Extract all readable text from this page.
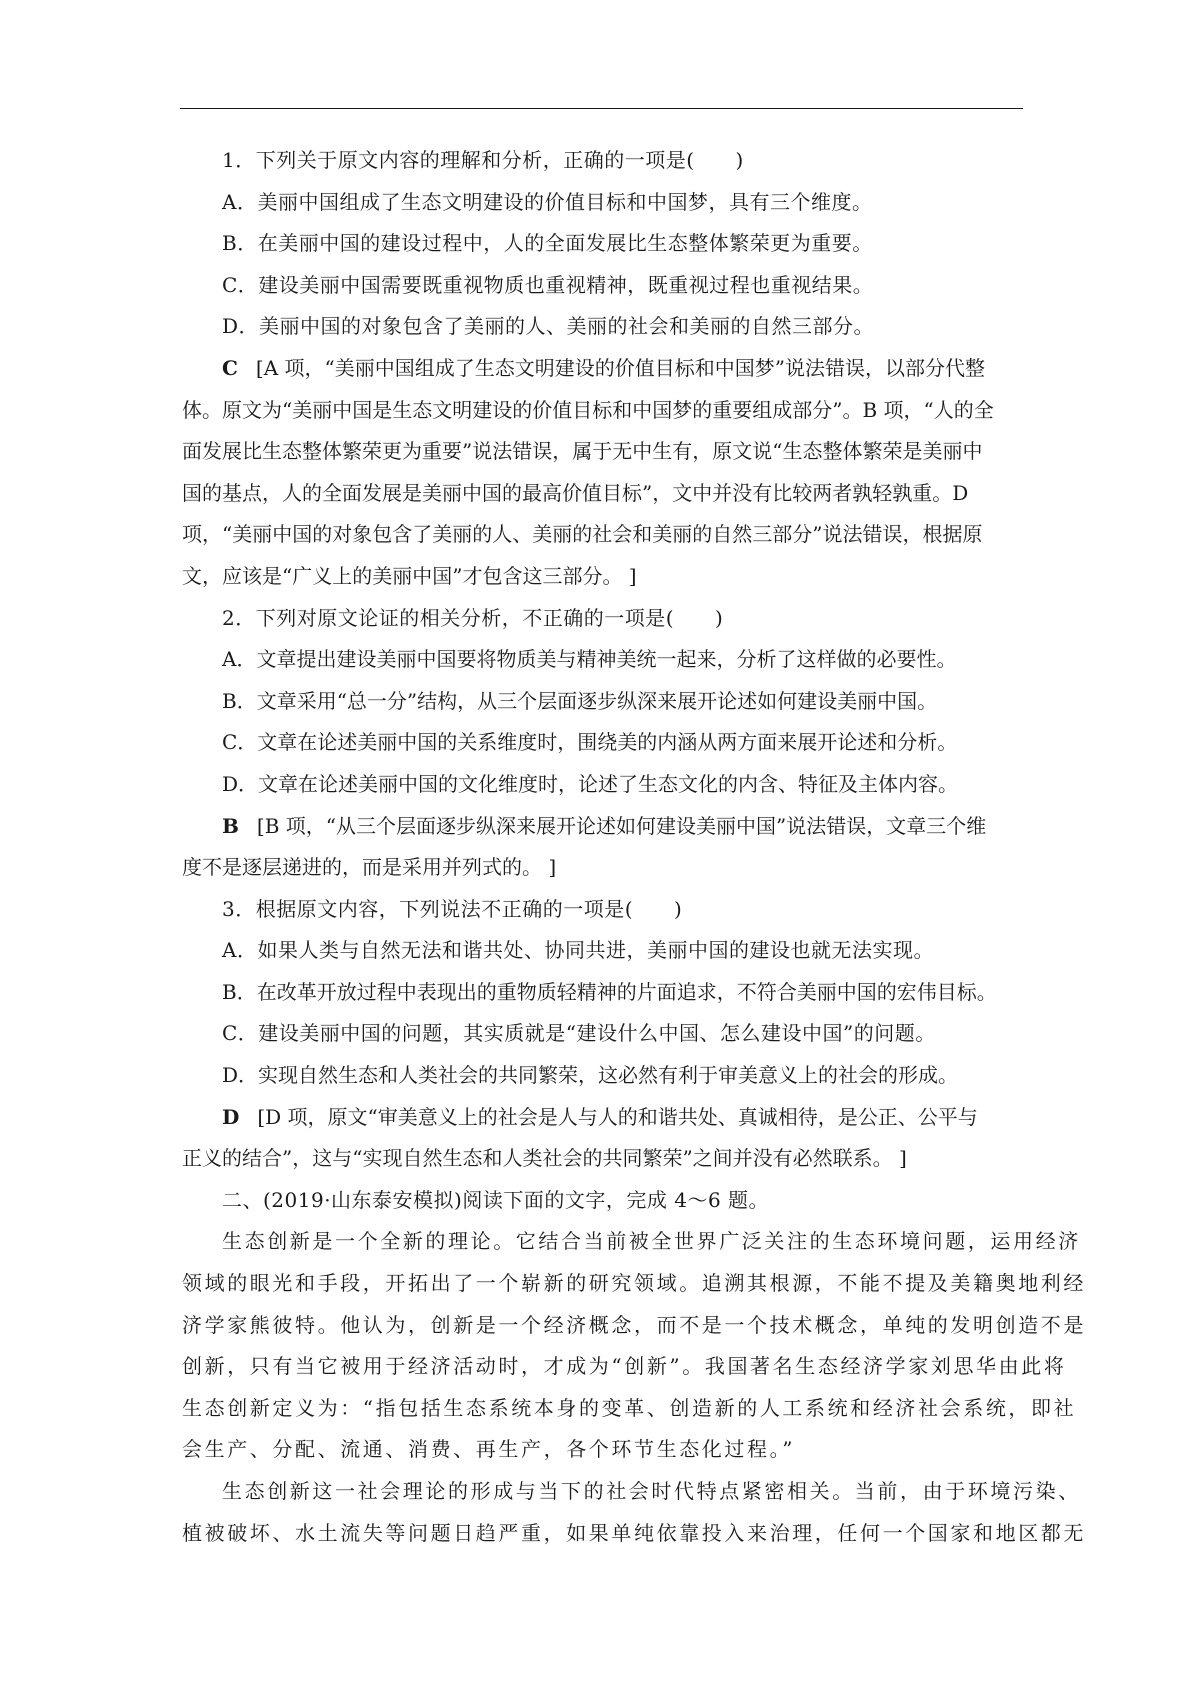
1．下列关于原文内容的理解和分析，正确的一项是(　　)

A．美丽中国组成了生态文明建设的价值目标和中国梦，具有三个维度。

B．在美丽中国的建设过程中，人的全面发展比生态整体繁荣更为重要。

C．建设美丽中国需要既重视物质也重视精神，既重视过程也重视结果。

D．美丽中国的对象包含了美丽的人、美丽的社会和美丽的自然三部分。

C [A 项，“美丽中国组成了生态文明建设的价值目标和中国梦”说法错误，以部分代整

体。原文为“美丽中国是生态文明建设的价值目标和中国梦的重要组成部分”。B 项，“人的全

面发展比生态整体繁荣更为重要”说法错误，属于无中生有，原文说“生态整体繁荣是美丽中

国的基点，人的全面发展是美丽中国的最高价值目标”，文中并没有比较两者孰轻孰重。D

项，“美丽中国的对象包含了美丽的人、美丽的社会和美丽的自然三部分”说法错误，根据原

文，应该是“广义上的美丽中国”才包含这三部分。 ]

2．下列对原文论证的相关分析，不正确的一项是(　　)

A．文章提出建设美丽中国要将物质美与精神美统一起来，分析了这样做的必要性。

B．文章采用“总一分”结构，从三个层面逐步纵深来展开论述如何建设美丽中国。

C．文章在论述美丽中国的关系维度时，围绕美的内涵从两方面来展开论述和分析。

D．文章在论述美丽中国的文化维度时，论述了生态文化的内含、特征及主体内容。

B [B 项，“从三个层面逐步纵深来展开论述如何建设美丽中国”说法错误，文章三个维

度不是逐层递进的，而是采用并列式的。 ]

3．根据原文内容，下列说法不正确的一项是(　　)

A．如果人类与自然无法和谐共处、协同共进，美丽中国的建设也就无法实现。

B．在改革开放过程中表现出的重物质轻精神的片面追求，不符合美丽中国的宏伟目标。

C．建设美丽中国的问题，其实质就是“建设什么中国、怎么建设中国”的问题。

D．实现自然生态和人类社会的共同繁荣，这必然有利于审美意义上的社会的形成。

D [D 项，原文“审美意义上的社会是人与人的和谐共处、真诚相待，是公正、公平与

正义的结合”，这与“实现自然生态和人类社会的共同繁荣”之间并没有必然联系。 ]

二、(2019·山东泰安模拟)阅读下面的文字，完成 4～6 题。

生态创新是一个全新的理论。它结合当前被全世界广泛关注的生态环境问题，运用经济

领域的眼光和手段，开拓出了一个崭新的研究领域。追溯其根源，不能不提及美籍奥地利经

济学家熊彼特。他认为，创新是一个经济概念，而不是一个技术概念，单纯的发明创造不是

创新，只有当它被用于经济活动时，才成为“创新”。我国著名生态经济学家刘思华由此将

生态创新定义为：“指包括生态系统本身的变革、创造新的人工系统和经济社会系统，即社

会生产、分配、流通、消费、再生产，各个环节生态化过程。”

生态创新这一社会理论的形成与当下的社会时代特点紧密相关。当前，由于环境污染、

植被破坏、水土流失等问题日趋严重，如果单纯依靠投入来治理，任何一个国家和地区都无
